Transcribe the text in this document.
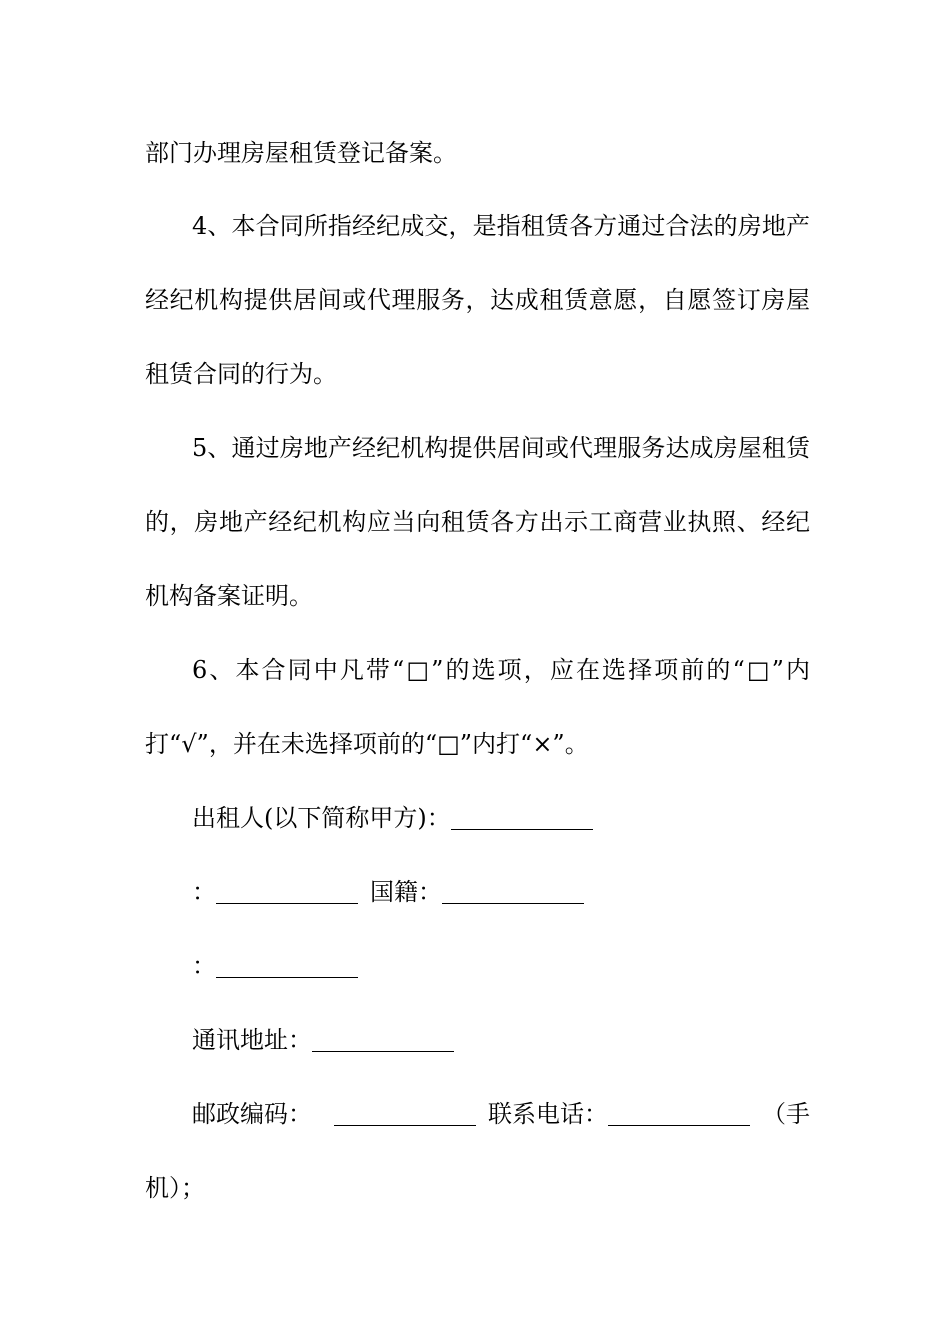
部门办理房屋租赁登记备案。
4、本合同所指经纪成交，是指租赁各方通过合法的房地产
经纪机构提供居间或代理服务，达成租赁意愿，自愿签订房屋
租赁合同的行为。
5、通过房地产经纪机构提供居间或代理服务达成房屋租赁
的，房地产经纪机构应当向租赁各方出示工商营业执照、经纪
机构备案证明。
6、本合同中凡带“□”的选项，应在选择项前的“□”内
打“√”，并在未选择项前的“□”内打“×”。
出租人(以下简称甲方)：
：	国籍：
：
通讯地址：
邮政编码：	联系电话：	（手
机）；
